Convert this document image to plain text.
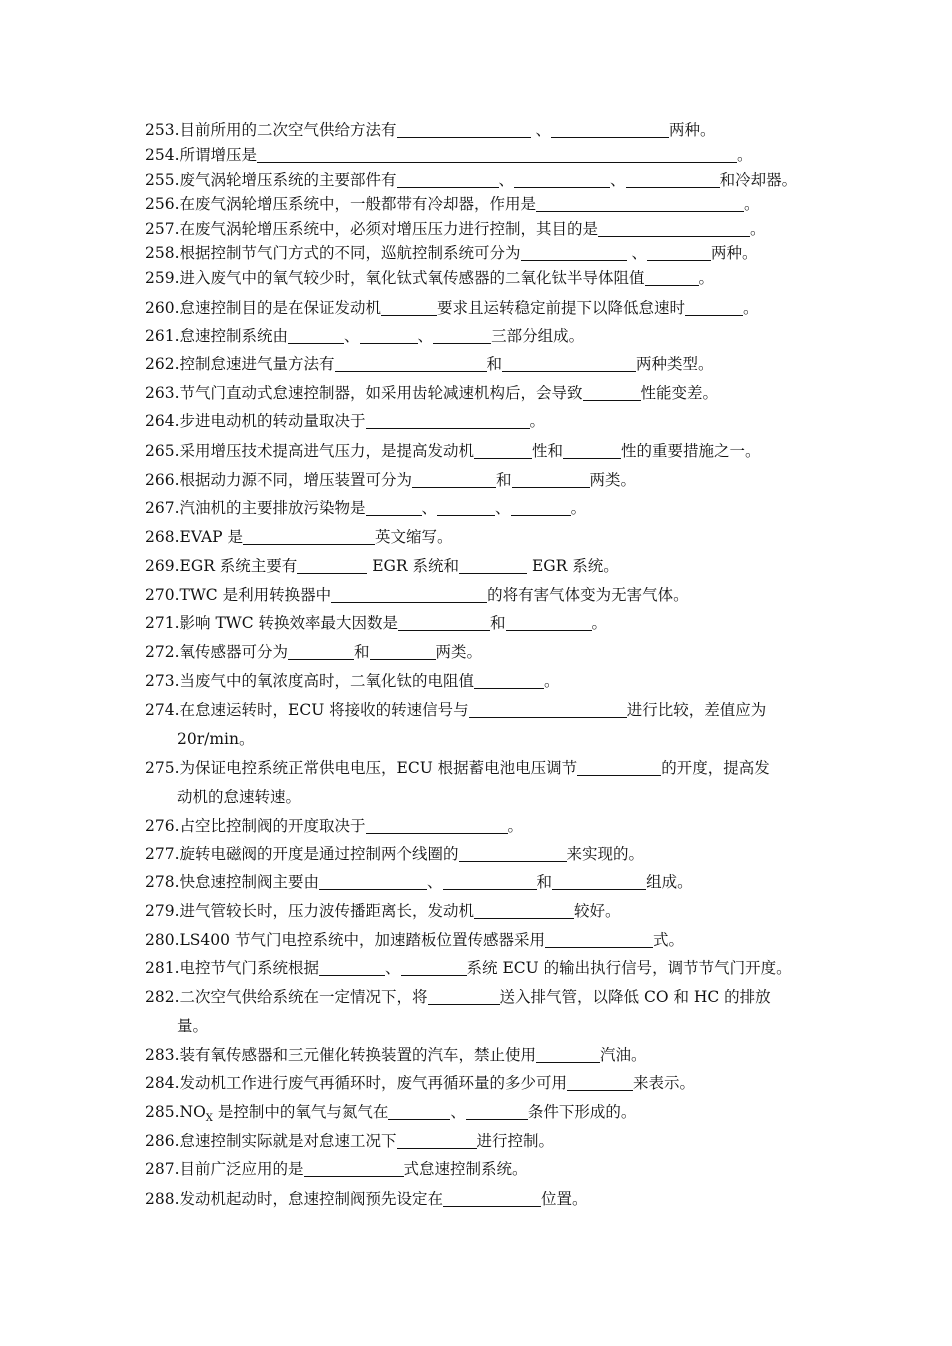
253.目前所用的二次空气供给方法有	、	两种。
254.所谓增压是	。
255.废气涡轮增压系统的主要部件有	、	、	和冷却器。
256.在废气涡轮增压系统中，一般都带有冷却器，作用是	。
257.在废气涡轮增压系统中，必须对增压压力进行控制，其目的是	。
258.根据控制节气门方式的不同，巡航控制系统可分为	、	两种。
259.进入废气中的氧气较少时，氧化钛式氧传感器的二氧化钛半导体阻值	。
260.怠速控制目的是在保证发动机	要求且运转稳定前提下以降低怠速时	。
261.怠速控制系统由	、	、	三部分组成。
262.控制怠速进气量方法有	和	两种类型。
263.节气门直动式怠速控制器，如采用齿轮减速机构后，会导致	性能变差。
264.步进电动机的转动量取决于	。
265.采用增压技术提高进气压力，是提高发动机	性和	性的重要措施之一。
266.根据动力源不同，增压装置可分为	和	两类。
267.汽油机的主要排放污染物是	、	、	。
268.EVAP 是	英文缩写。
269.EGR 系统主要有	EGR 系统和	EGR 系统。
270.TWC 是利用转换器中	的将有害气体变为无害气体。
271.影响 TWC 转换效率最大因数是	和	。
272.氧传感器可分为	和	两类。
273.当废气中的氧浓度高时，二氧化钛的电阻值	。
274.在怠速运转时，ECU 将接收的转速信号与	进行比较，差值应为
20r/min。
275.为保证电控系统正常供电电压，ECU 根据蓄电池电压调节	的开度，提高发
动机的怠速转速。
276.占空比控制阀的开度取决于	。
277.旋转电磁阀的开度是通过控制两个线圈的	来实现的。
278.快怠速控制阀主要由	、	和	组成。
279.进气管较长时，压力波传播距离长，发动机	较好。
280.LS400 节气门电控系统中，加速踏板位置传感器采用	式。
281.电控节气门系统根据	、	系统 ECU 的输出执行信号，调节节气门开度。
282.二次空气供给系统在一定情况下，将	送入排气管，以降低 CO 和 HC 的排放
量。
283.装有氧传感器和三元催化转换装置的汽车，禁止使用	汽油。
284.发动机工作进行废气再循环时，废气再循环量的多少可用	来表示。
$285.NO_X$ 是控制中的氧气与氮气在	、	条件下形成的。
286.怠速控制实际就是对怠速工况下	进行控制。
287.目前广泛应用的是	式怠速控制系统。
288.发动机起动时，怠速控制阀预先设定在	位置。
